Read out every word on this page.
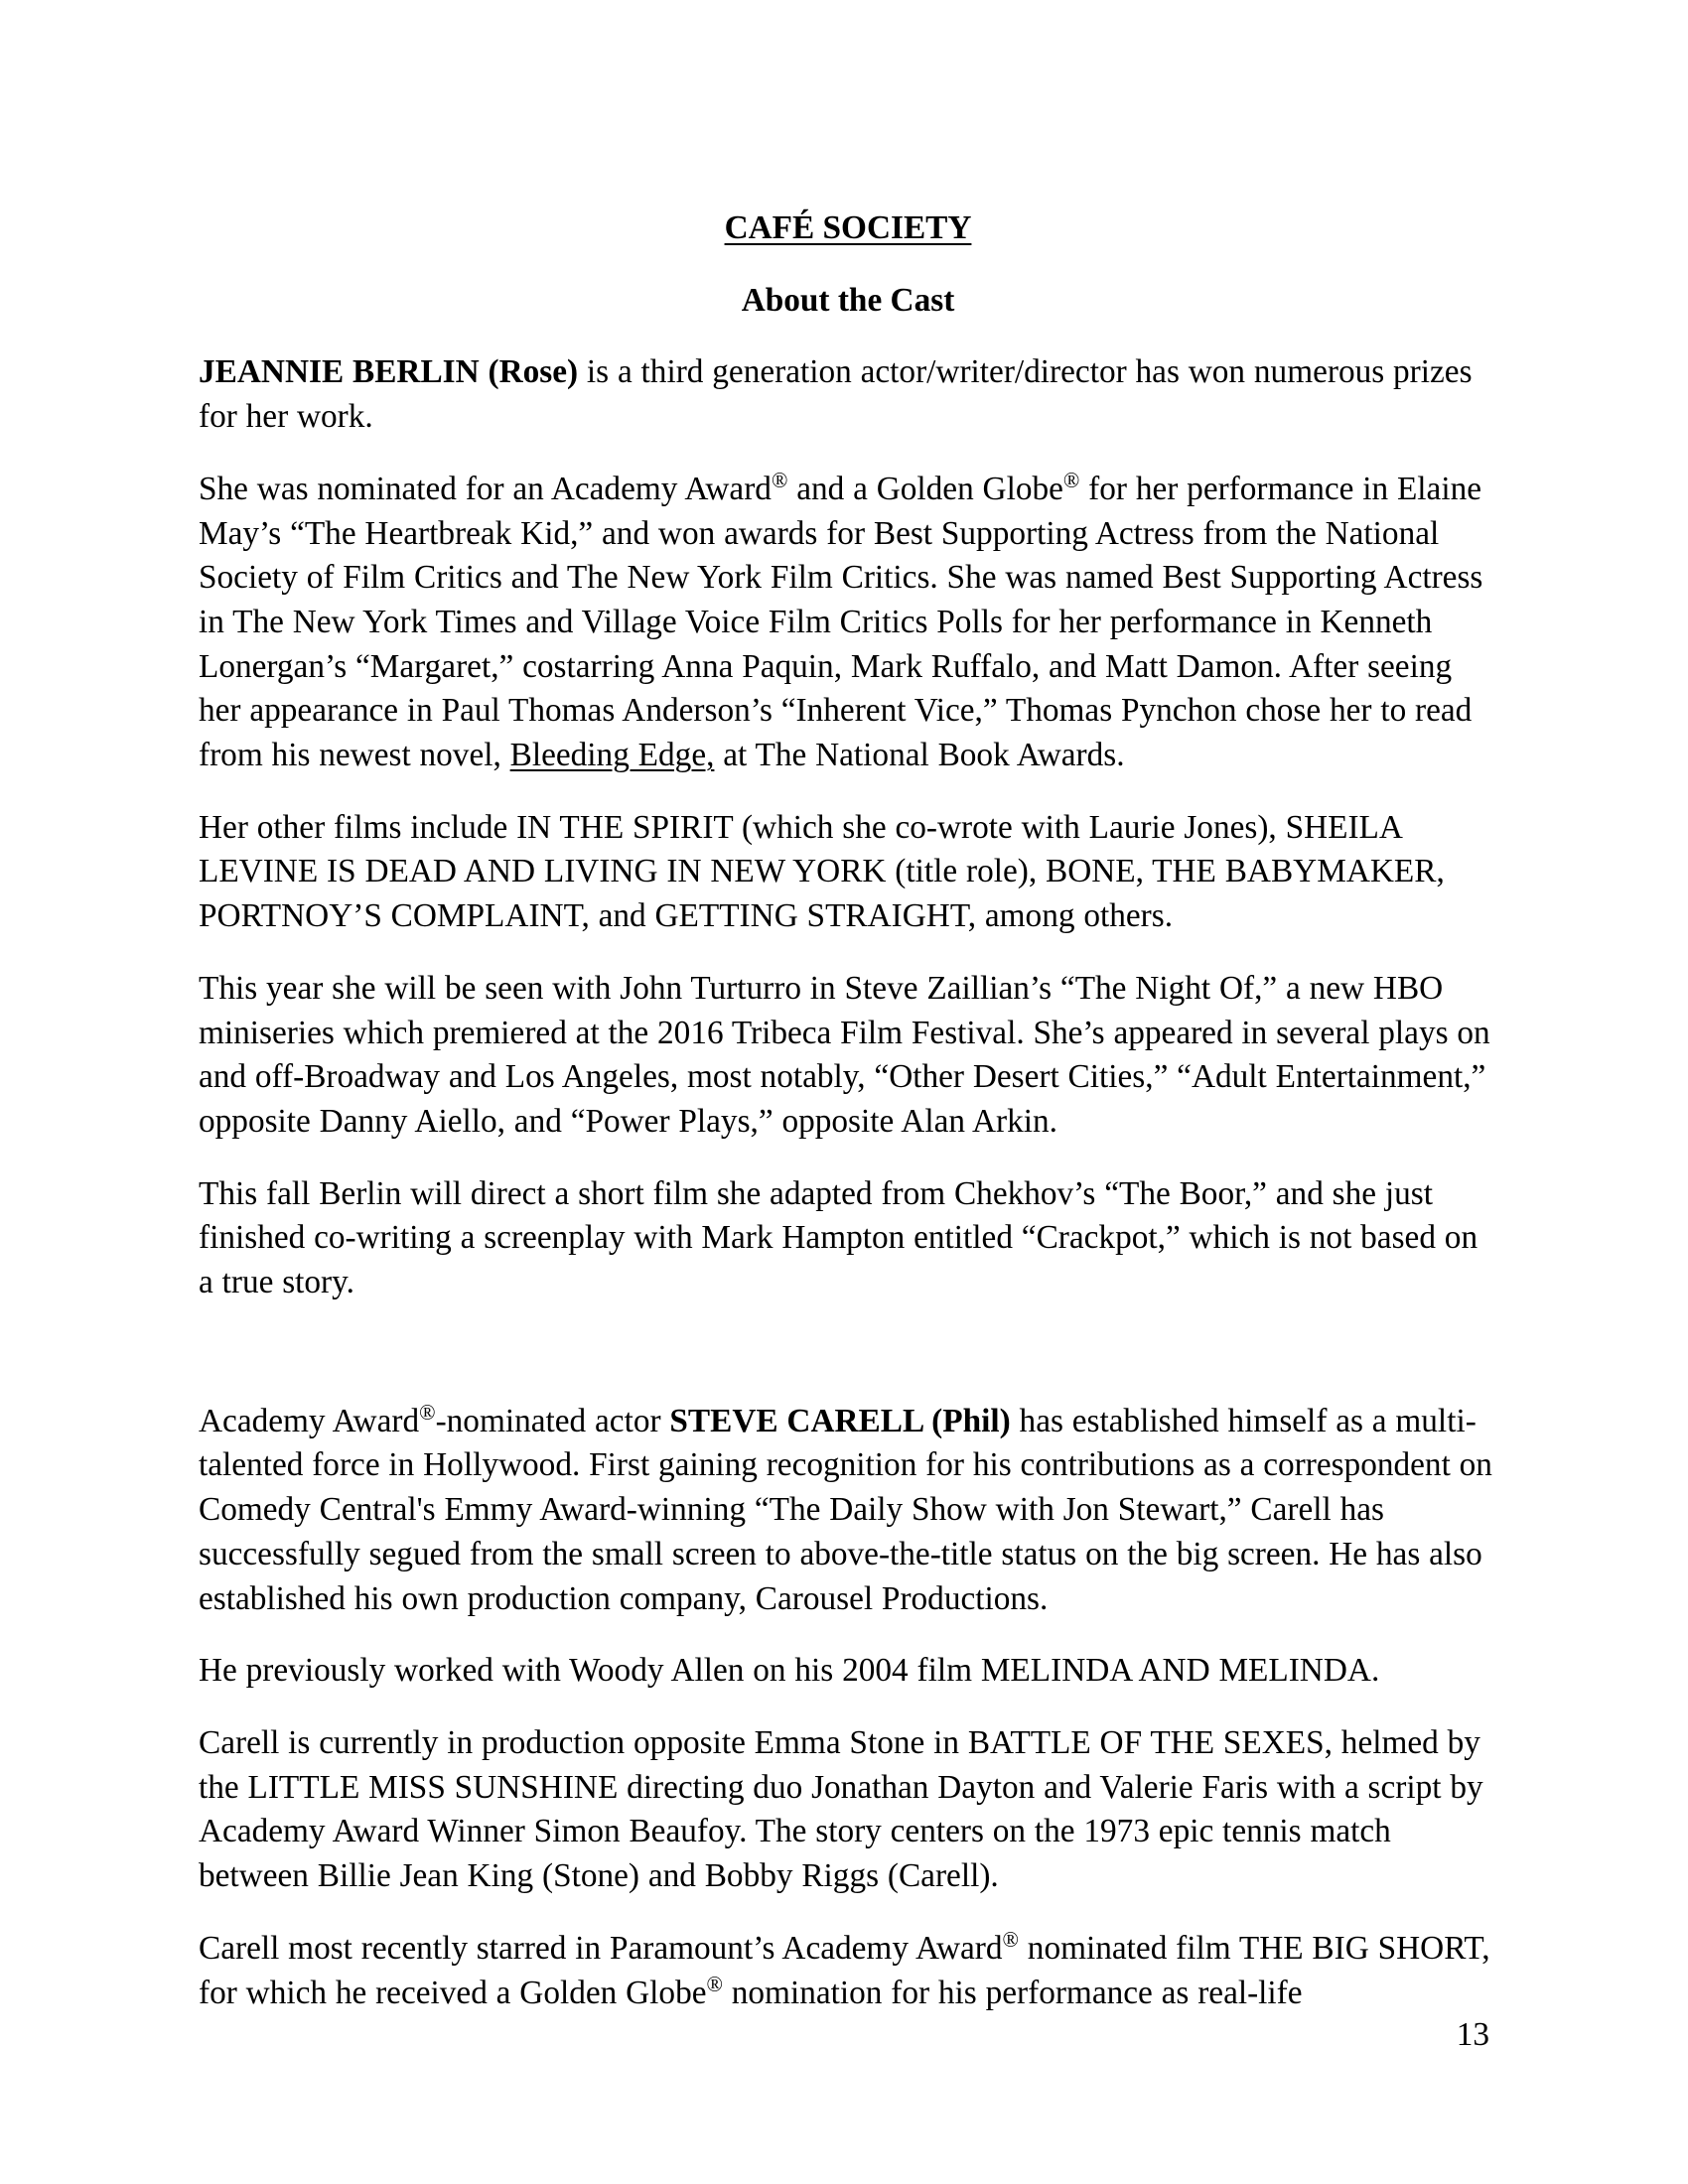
CAFÉ SOCIETY
About the Cast

JEANNIE BERLIN (Rose) is a third generation actor/writer/director has won numerous prizes for her work.

She was nominated for an Academy Award® and a Golden Globe® for her performance in Elaine May’s “The Heartbreak Kid,” and won awards for Best Supporting Actress from the National Society of Film Critics and The New York Film Critics. She was named Best Supporting Actress in The New York Times and Village Voice Film Critics Polls for her performance in Kenneth Lonergan’s “Margaret,” costarring Anna Paquin, Mark Ruffalo, and Matt Damon. After seeing her appearance in Paul Thomas Anderson’s “Inherent Vice,” Thomas Pynchon chose her to read from his newest novel, Bleeding Edge, at The National Book Awards.

Her other films include IN THE SPIRIT (which she co-wrote with Laurie Jones), SHEILA LEVINE IS DEAD AND LIVING IN NEW YORK (title role), BONE, THE BABYMAKER, PORTNOY’S COMPLAINT, and GETTING STRAIGHT, among others.

This year she will be seen with John Turturro in Steve Zaillian’s “The Night Of,” a new HBO miniseries which premiered at the 2016 Tribeca Film Festival. She’s appeared in several plays on and off-Broadway and Los Angeles, most notably, “Other Desert Cities,” “Adult Entertainment,” opposite Danny Aiello, and “Power Plays,” opposite Alan Arkin.

This fall Berlin will direct a short film she adapted from Chekhov’s “The Boor,” and she just finished co-writing a screenplay with Mark Hampton entitled “Crackpot,” which is not based on a true story.

Academy Award®-nominated actor STEVE CARELL (Phil) has established himself as a multi-talented force in Hollywood. First gaining recognition for his contributions as a correspondent on Comedy Central's Emmy Award-winning “The Daily Show with Jon Stewart,” Carell has successfully segued from the small screen to above-the-title status on the big screen. He has also established his own production company, Carousel Productions.

He previously worked with Woody Allen on his 2004 film MELINDA AND MELINDA.

Carell is currently in production opposite Emma Stone in BATTLE OF THE SEXES, helmed by the LITTLE MISS SUNSHINE directing duo Jonathan Dayton and Valerie Faris with a script by Academy Award Winner Simon Beaufoy. The story centers on the 1973 epic tennis match between Billie Jean King (Stone) and Bobby Riggs (Carell).

Carell most recently starred in Paramount’s Academy Award® nominated film THE BIG SHORT, for which he received a Golden Globe® nomination for his performance as real-life

13
